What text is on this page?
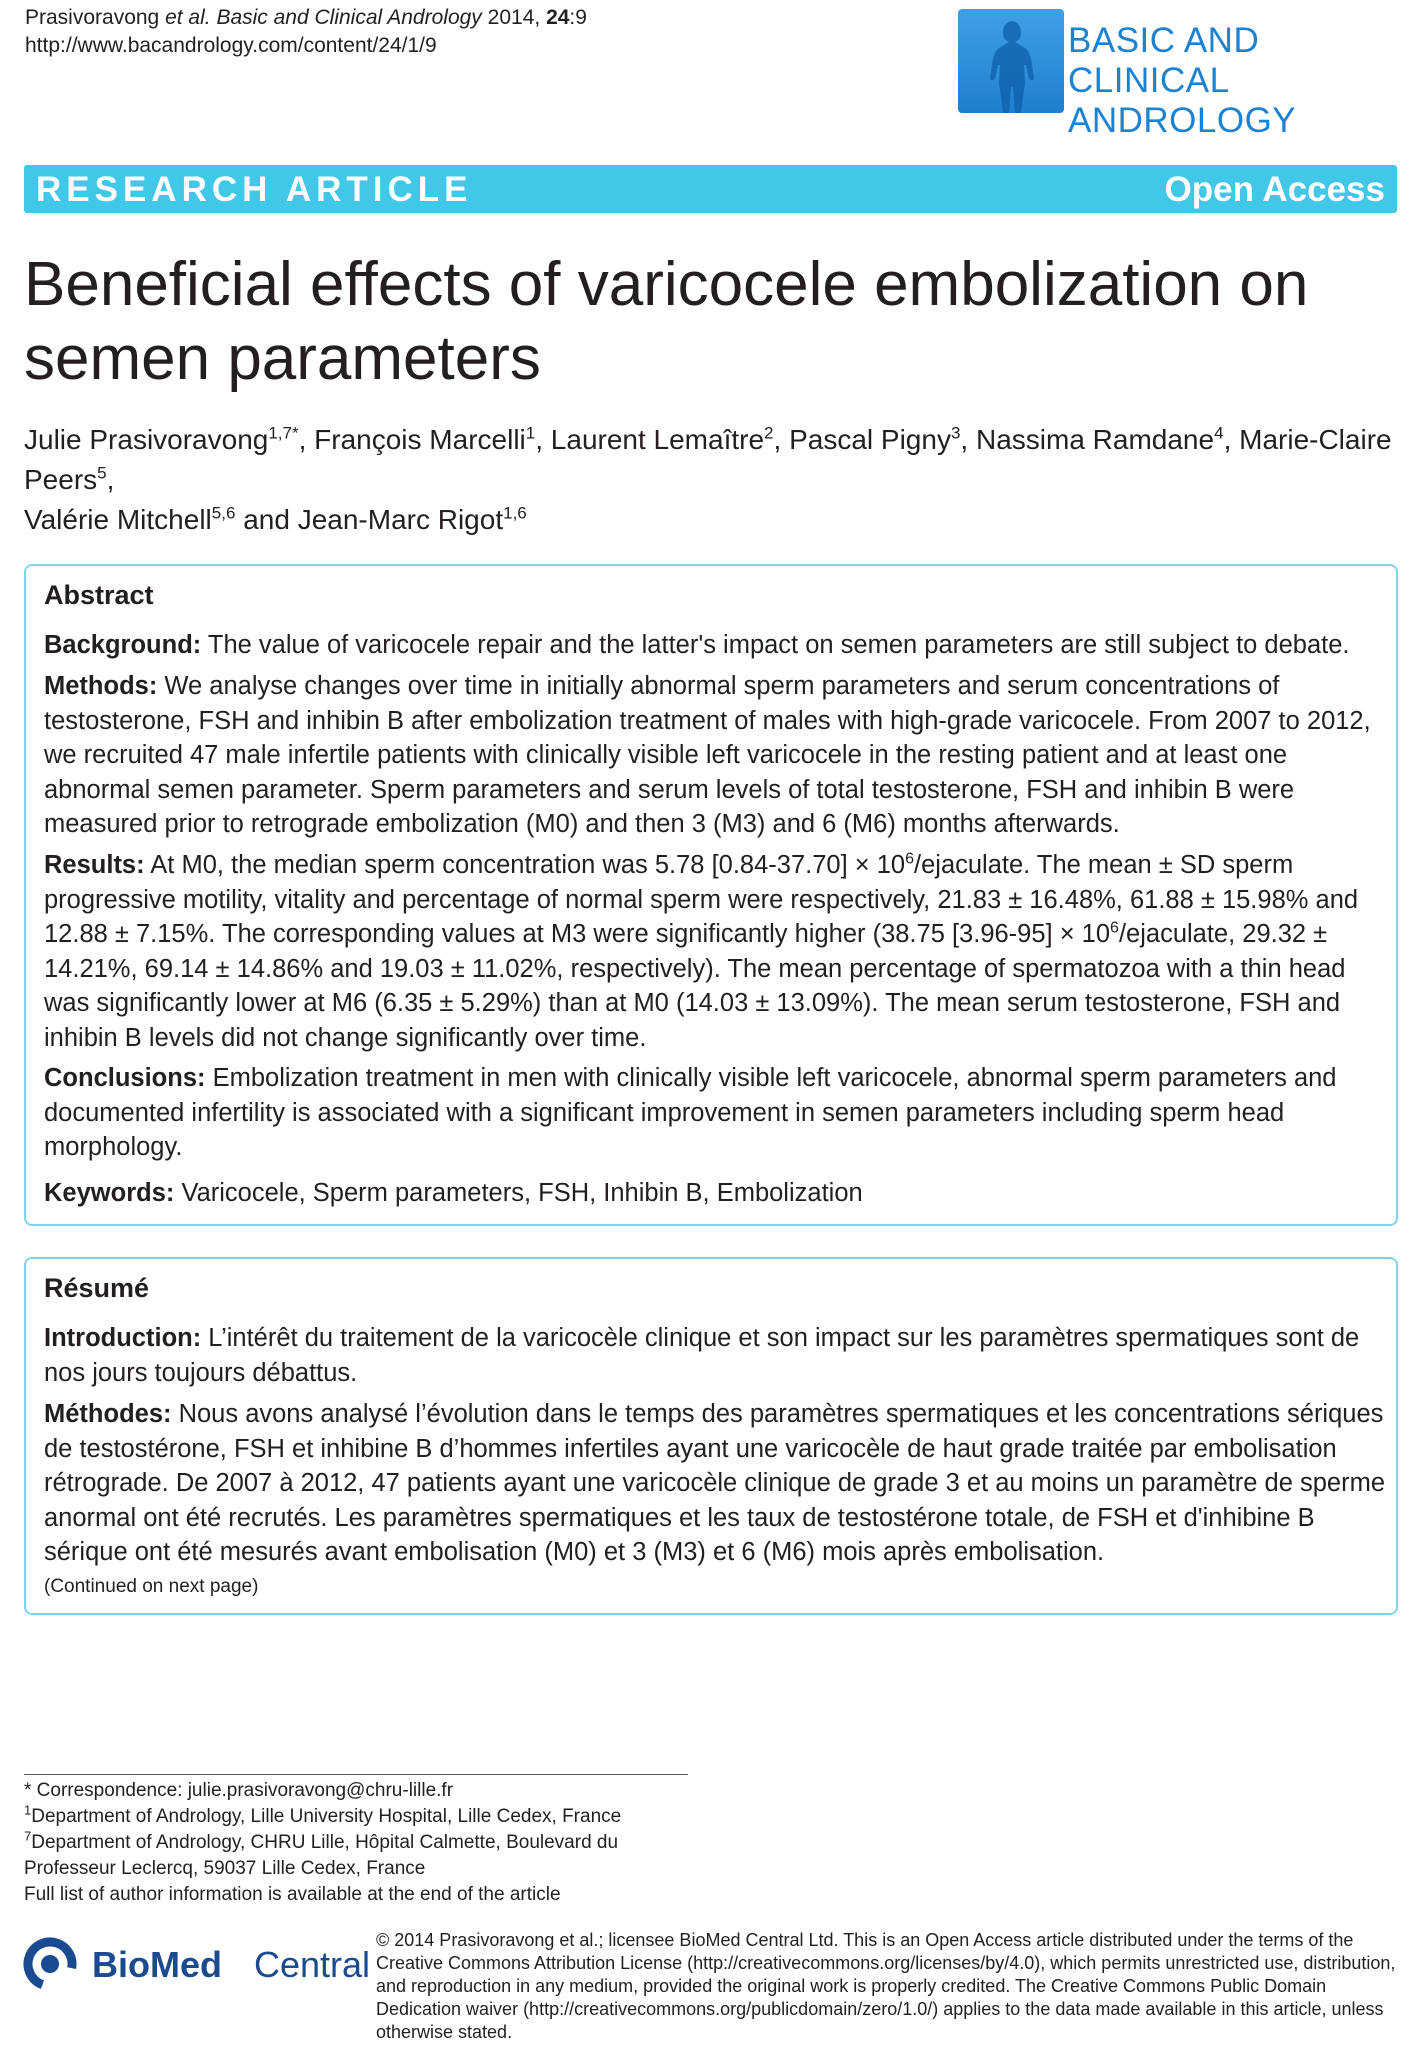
Prasivoravong et al. Basic and Clinical Andrology 2014, 24:9
http://www.bacandrology.com/content/24/1/9	BASIC AND CLINICAL
ANDROLOGY
RESEARCH ARTICLE	Open Access
Beneficial effects of varicocele embolization on
semen parameters
Julie Prasivoravong$^{1,7*}$, François Marcelli$^1$, Laurent Lemaître$^2$, Pascal Pigny$^3$, Nassima Ramdane$^4$, Marie-Claire Peers$^5$,
Valérie Mitchell$^{5,6}$ and Jean-Marc Rigot$^{1,6}$
Abstract

Background: The value of varicocele repair and the latter's impact on semen parameters are still subject to debate.

Methods: We analyse changes over time in initially abnormal sperm parameters and serum concentrations of testosterone, FSH and inhibin B after embolization treatment of males with high-grade varicocele. From 2007 to 2012, we recruited 47 male infertile patients with clinically visible left varicocele in the resting patient and at least one abnormal semen parameter. Sperm parameters and serum levels of total testosterone, FSH and inhibin B were measured prior to retrograde embolization (M0) and then 3 (M3) and 6 (M6) months afterwards.

Results: At M0, the median sperm concentration was 5.78 $[0.84-37.70] \times 10^6$/ejaculate. The mean ± SD sperm progressive motility, vitality and percentage of normal sperm were respectively, 21.83 ± 16.48%, 61.88 ± 15.98% and 12.88 ± 7.15%. The corresponding values at M3 were significantly higher (38.75 $[3.96-95] \times 10^6$/ejaculate, 29.32 ± 14.21%, 69.14 ± 14.86% and 19.03 ± 11.02%, respectively). The mean percentage of spermatozoa with a thin head was significantly lower at M6 (6.35 ± 5.29%) than at M0 (14.03 ± 13.09%). The mean serum testosterone, FSH and inhibin B levels did not change significantly over time.

Conclusions: Embolization treatment in men with clinically visible left varicocele, abnormal sperm parameters and documented infertility is associated with a significant improvement in semen parameters including sperm head morphology.

Keywords: Varicocele, Sperm parameters, FSH, Inhibin B, Embolization

Résumé

Introduction: L’intérêt du traitement de la varicocèle clinique et son impact sur les paramètres spermatiques sont de nos jours toujours débattus.

Méthodes: Nous avons analysé l’évolution dans le temps des paramètres spermatiques et les concentrations sériques de testostérone, FSH et inhibine B d’hommes infertiles ayant une varicocèle de haut grade traitée par embolisation rétrograde. De 2007 à 2012, 47 patients ayant une varicocèle clinique de grade 3 et au moins un paramètre de sperme anormal ont été recrutés. Les paramètres spermatiques et les taux de testostérone totale, de FSH et d'inhibine B sérique ont été mesurés avant embolisation (M0) et 3 (M3) et 6 (M6) mois après embolisation.

(Continued on next page)

* Correspondence: julie.prasivoravong@chru-lille.fr
$^1$Department of Andrology, Lille University Hospital, Lille Cedex, France
$^7$Department of Andrology, CHRU Lille, Hôpital Calmette, Boulevard du
Professeur Leclercq, 59037 Lille Cedex, France
Full list of author information is available at the end of the article
BioMed Central
© 2014 Prasivoravong et al.; licensee BioMed Central Ltd. This is an Open Access article distributed under the terms of the Creative Commons Attribution License (http://creativecommons.org/licenses/by/4.0), which permits unrestricted use, distribution, and reproduction in any medium, provided the original work is properly credited. The Creative Commons Public Domain Dedication waiver (http://creativecommons.org/publicdomain/zero/1.0/) applies to the data made available in this article, unless otherwise stated.
